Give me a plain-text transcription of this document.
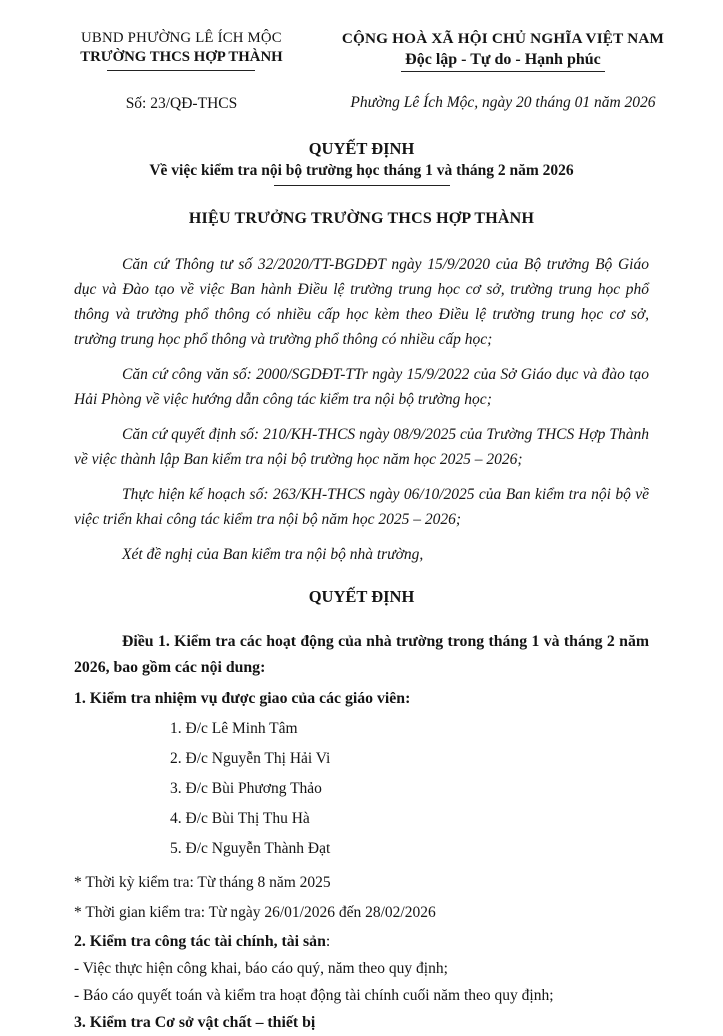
UBND PHƯỜNG LÊ ÍCH MỘC
TRƯỜNG THCS HỢP THÀNH
Số: 23/QĐ-THCS
CỘNG HOÀ XÃ HỘI CHỦ NGHĨA VIỆT NAM
Độc lập - Tự do - Hạnh phúc
Phường Lê Ích Mộc, ngày 20 tháng 01 năm 2026
QUYẾT ĐỊNH
Về việc kiểm tra nội bộ trường học tháng 1 và tháng 2 năm 2026
HIỆU TRƯỞNG TRƯỜNG THCS HỢP THÀNH

Căn cứ Thông tư số 32/2020/TT-BGDĐT ngày 15/9/2020 của Bộ trưởng Bộ Giáo dục và Đào tạo về việc Ban hành Điều lệ trường trung học cơ sở, trường trung học phổ thông và trường phổ thông có nhiều cấp học kèm theo Điều lệ trường trung học cơ sở, trường trung học phổ thông và trường phổ thông có nhiều cấp học;

Căn cứ công văn số: 2000/SGDĐT-TTr ngày 15/9/2022 của Sở Giáo dục và đào tạo Hải Phòng về việc hướng dẫn công tác kiểm tra nội bộ trường học;

Căn cứ quyết định số: 210/KH-THCS ngày 08/9/2025 của Trường THCS Hợp Thành về việc thành lập Ban kiểm tra nội bộ trường học năm học 2025 – 2026;

Thực hiện kế hoạch số: 263/KH-THCS ngày 06/10/2025 của Ban kiểm tra nội bộ về việc triển khai công tác kiểm tra nội bộ năm học 2025 – 2026;

Xét đề nghị của Ban kiểm tra nội bộ nhà trường,

QUYẾT ĐỊNH

Điều 1. Kiểm tra các hoạt động của nhà trường trong tháng 1 và tháng 2 năm 2026, bao gồm các nội dung:

1. Kiểm tra nhiệm vụ được giao của các giáo viên:

1. Đ/c Lê Minh Tâm
2. Đ/c Nguyễn Thị Hải Vi
3. Đ/c Bùi Phương Thảo
4. Đ/c Bùi Thị Thu Hà
5. Đ/c Nguyễn Thành Đạt
* Thời kỳ kiểm tra: Từ tháng 8 năm 2025
* Thời gian kiểm tra: Từ ngày 26/01/2026 đến 28/02/2026

2. Kiểm tra công tác tài chính, tài sản:

- Việc thực hiện công khai, báo cáo quý, năm theo quy định;
- Báo cáo quyết toán và kiểm tra hoạt động tài chính cuối năm theo quy định;

3. Kiểm tra Cơ sở vật chất – thiết bị
